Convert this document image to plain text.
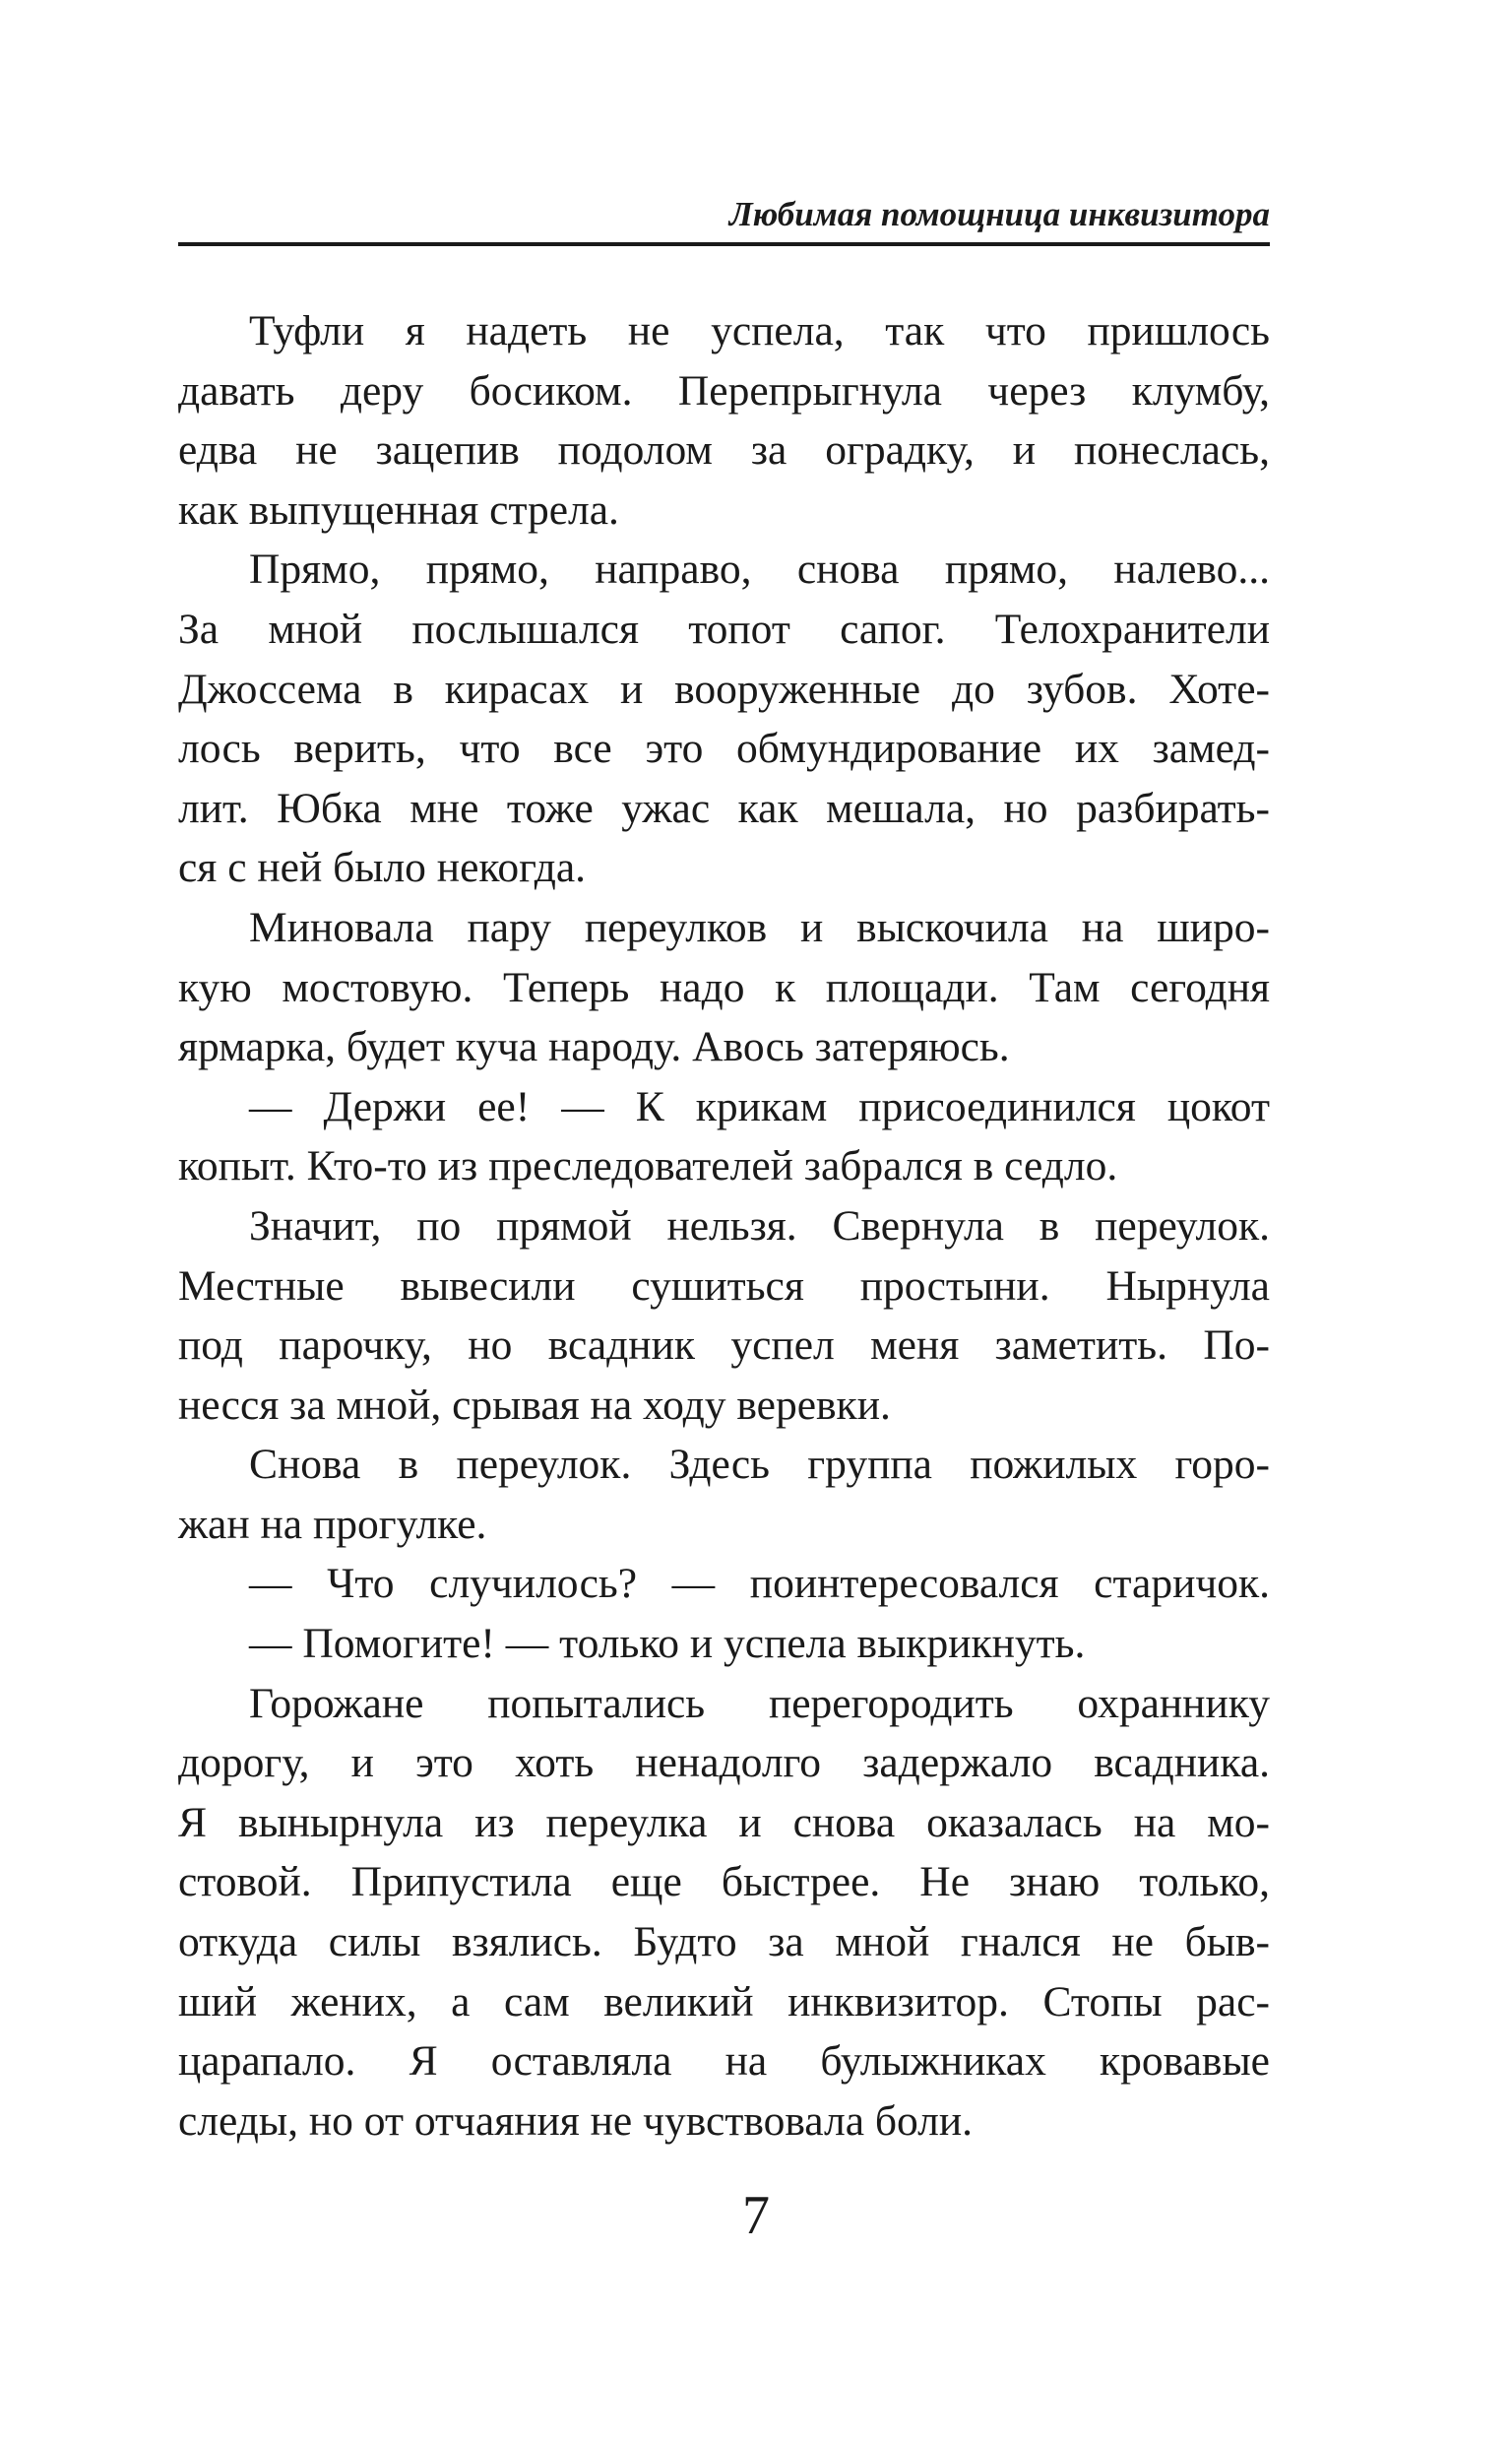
Любимая помощница инквизитора
Туфли я надеть не успела, так что пришлось
давать деру босиком. Перепрыгнула через клумбу,
едва не зацепив подолом за оградку, и понеслась,
как выпущенная стрела.
Прямо, прямо, направо, снова прямо, налево...
За мной послышался топот сапог. Телохранители
Джоссема в кирасах и вооруженные до зубов. Хоте-
лось верить, что все это обмундирование их замед-
лит. Юбка мне тоже ужас как мешала, но разбирать-
ся с ней было некогда.
Миновала пару переулков и выскочила на широ-
кую мостовую. Теперь надо к площади. Там сегодня
ярмарка, будет куча народу. Авось затеряюсь.
— Держи ее! — К крикам присоединился цокот
копыт. Кто-то из преследователей забрался в седло.
Значит, по прямой нельзя. Свернула в переулок.
Местные вывесили сушиться простыни. Нырнула
под парочку, но всадник успел меня заметить. По-
несся за мной, срывая на ходу веревки.
Снова в переулок. Здесь группа пожилых горо-
жан на прогулке.
— Что случилось? — поинтересовался старичок.
— Помогите! — только и успела выкрикнуть.
Горожане попытались перегородить охраннику
дорогу, и это хоть ненадолго задержало всадника.
Я вынырнула из переулка и снова оказалась на мо-
стовой. Припустила еще быстрее. Не знаю только,
откуда силы взялись. Будто за мной гнался не быв-
ший жених, а сам великий инквизитор. Стопы рас-
царапало. Я оставляла на булыжниках кровавые
следы, но от отчаяния не чувствовала боли.
7
